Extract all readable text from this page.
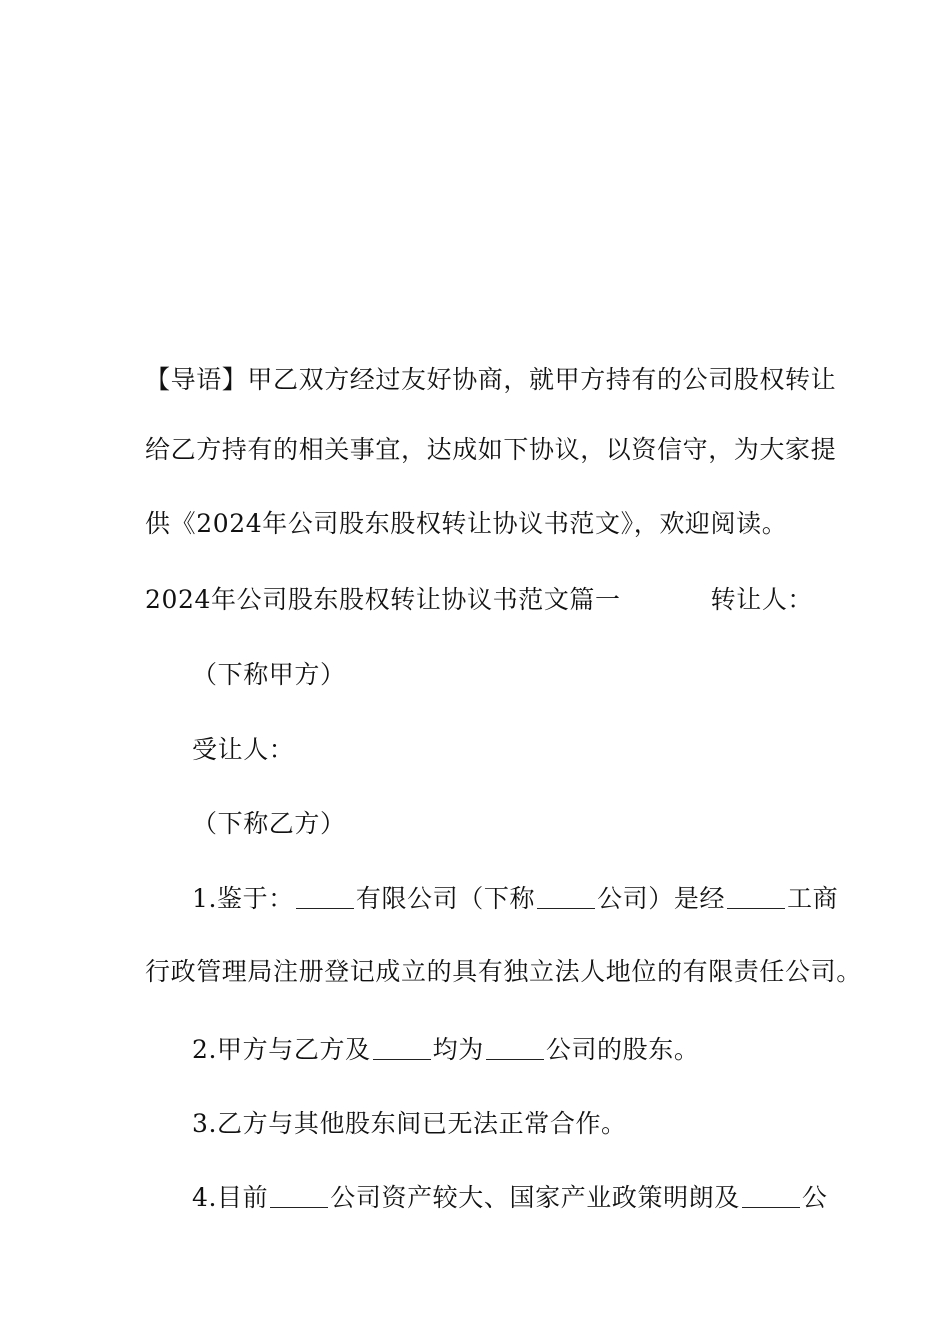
【导语】甲乙双方经过友好协商，就甲方持有的公司股权转让
给乙方持有的相关事宜，达成如下协议，以资信守，为大家提
供《2024年公司股东股权转让协议书范文》，欢迎阅读。
2024年公司股东股权转让协议书范文篇一	转让人：
（下称甲方）
受让人：
（下称乙方）
1.鉴于： 有限公司（下称 公司）是经 工商
行政管理局注册登记成立的具有独立法人地位的有限责任公司。
2.甲方与乙方及 均为 公司的股东。
3.乙方与其他股东间已无法正常合作。
4.目前 公司资产较大、国家产业政策明朗及 公
